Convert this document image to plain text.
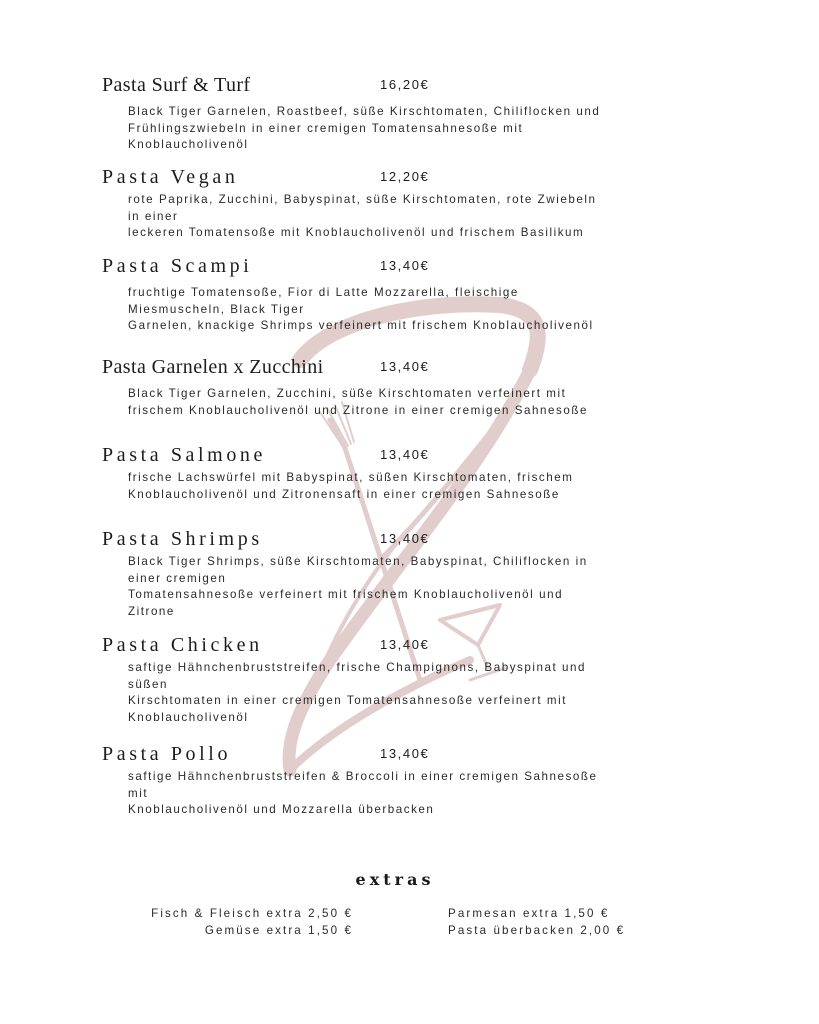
Pasta Surf & Turf	16,20€
Black Tiger Garnelen, Roastbeef, süße Kirschtomaten, Chiliflocken und
Frühlingszwiebeln in einer cremigen Tomatensahnesoße mit
Knoblaucholivenöl
Pasta Vegan	12,20€
rote Paprika, Zucchini, Babyspinat, süße Kirschtomaten, rote Zwiebeln
in einer
leckeren Tomatensoße mit Knoblaucholivenöl und frischem Basilikum
Pasta Scampi	13,40€
fruchtige Tomatensoße, Fior di Latte Mozzarella, fleischige
Miesmuscheln, Black Tiger
Garnelen, knackige Shrimps verfeinert mit frischem Knoblaucholivenöl
Pasta Garnelen x Zucchini	13,40€
Black Tiger Garnelen, Zucchini, süße Kirschtomaten verfeinert mit
frischem Knoblaucholivenöl und Zitrone in einer cremigen Sahnesoße
Pasta Salmone	13,40€
frische Lachswürfel mit Babyspinat, süßen Kirschtomaten, frischem
Knoblaucholivenöl und Zitronensaft in einer cremigen Sahnesoße
Pasta Shrimps	13,40€
Black Tiger Shrimps, süße Kirschtomaten, Babyspinat, Chiliflocken in
einer cremigen
Tomatensahnesoße verfeinert mit frischem Knoblaucholivenöl und
Zitrone
Pasta Chicken	13,40€
saftige Hähnchenbruststreifen, frische Champignons, Babyspinat und
süßen
Kirschtomaten in einer cremigen Tomatensahnesoße verfeinert mit
Knoblaucholivenöl
Pasta Pollo	13,40€
saftige Hähnchenbruststreifen & Broccoli in einer cremigen Sahnesoße
mit
Knoblaucholivenöl und Mozzarella überbacken
extras
Fisch & Fleisch extra 2,50 €
Gemüse extra 1,50 €
Parmesan extra 1,50 €
Pasta überbacken 2,00 €
